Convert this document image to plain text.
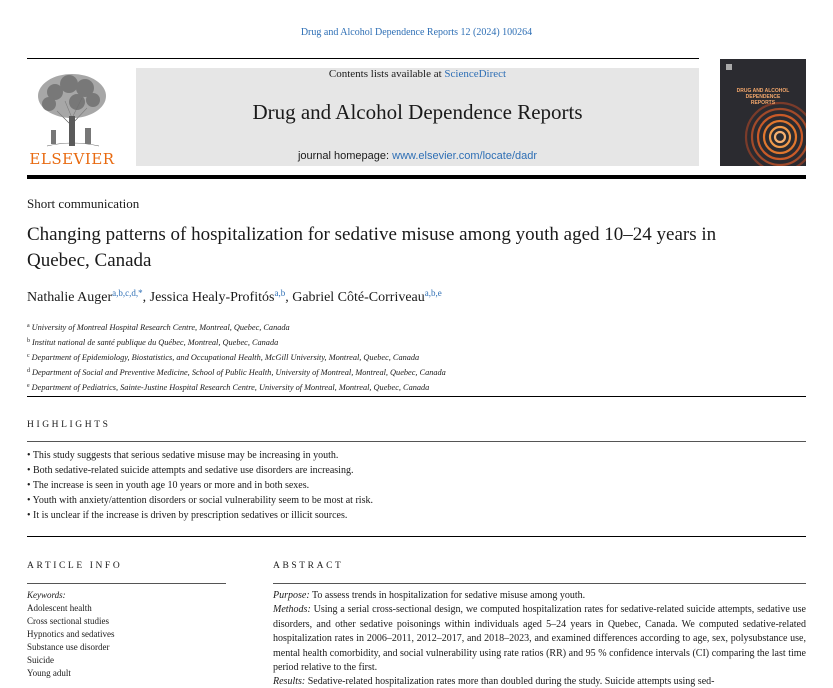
Drug and Alcohol Dependence Reports 12 (2024) 100264
ELSEVIER
Contents lists available at ScienceDirect
Drug and Alcohol Dependence Reports
journal homepage: www.elsevier.com/locate/dadr
DRUG AND ALCOHOL
DEPENDENCE
REPORTS
Short communication
Changing patterns of hospitalization for sedative misuse among youth aged 10–24 years in Quebec, Canada
Nathalie Auger$^{a,b,c,d,*}$, Jessica Healy-Profitós$^{a,b}$, Gabriel Côté-Corriveau$^{a,b,e}$
$^a$ University of Montreal Hospital Research Centre, Montreal, Quebec, Canada
$^b$ Institut national de santé publique du Québec, Montreal, Quebec, Canada
$^c$ Department of Epidemiology, Biostatistics, and Occupational Health, McGill University, Montreal, Quebec, Canada
$^d$ Department of Social and Preventive Medicine, School of Public Health, University of Montreal, Montreal, Quebec, Canada
$^e$ Department of Pediatrics, Sainte-Justine Hospital Research Centre, University of Montreal, Montreal, Quebec, Canada
HIGHLIGHTS
• This study suggests that serious sedative misuse may be increasing in youth.
• Both sedative-related suicide attempts and sedative use disorders are increasing.
• The increase is seen in youth age 10 years or more and in both sexes.
• Youth with anxiety/attention disorders or social vulnerability seem to be most at risk.
• It is unclear if the increase is driven by prescription sedatives or illicit sources.
ARTICLE INFO
Keywords:
Adolescent health
Cross sectional studies
Hypnotics and sedatives
Substance use disorder
Suicide
Young adult
ABSTRACT
Purpose: To assess trends in hospitalization for sedative misuse among youth.
Methods: Using a serial cross-sectional design, we computed hospitalization rates for sedative-related suicide attempts, sedative use disorders, and other sedative poisonings within individuals aged 5–24 years in Quebec, Canada. We computed sedative-related hospitalization rates in 2006–2011, 2012–2017, and 2018–2023, and examined differences according to age, sex, polysubstance use, mental health comorbidity, and social vulnerability using rate ratios (RR) and 95 % confidence intervals (CI) comparing the last time period relative to the first.
Results: Sedative-related hospitalization rates more than doubled during the study. Suicide attempts using sed-
